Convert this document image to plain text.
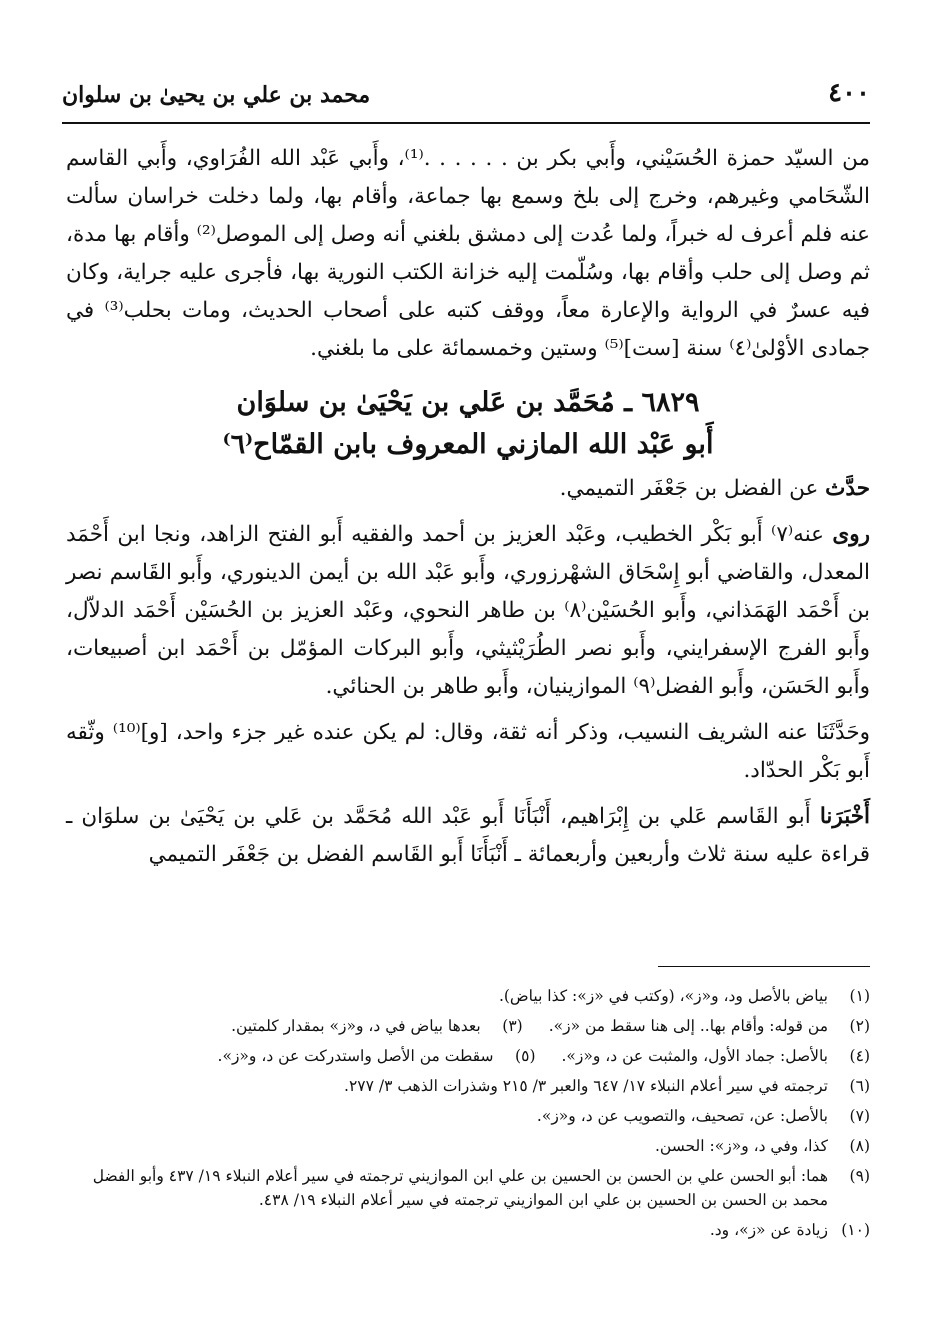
٤٠٠
محمد بن علي بن يحيىٰ بن سلوان

من السيّد حمزة الحُسَيْني، وأَبي بكر بن . . . . . .⁽¹⁾، وأَبي عَبْد الله الفُرَاوي، وأَبي القاسم الشّحَامي وغيرهم، وخرج إلى بلخ وسمع بها جماعة، وأقام بها، ولما دخلت خراسان سألت عنه فلم أعرف له خبراً، ولما عُدت إلى دمشق بلغني أنه وصل إلى الموصل⁽²⁾ وأقام بها مدة، ثم وصل إلى حلب وأقام بها، وسُلّمت إليه خزانة الكتب النورية بها، فأجرى عليه جراية، وكان فيه عسرٌ في الرواية والإعارة معاً، ووقف كتبه على أصحاب الحديث، ومات بحلب⁽³⁾ في جمادى الأوْلىٰ⁽٤⁾ سنة [ست]⁽⁵⁾ وستين وخمسمائة على ما بلغني.

٦٨٢٩ ـ مُحَمَّد بن عَلي بن يَحْيَىٰ بن سلوَان
أَبو عَبْد الله المازني المعروف بابن القمّاح⁽٦⁾

حدَّث عن الفضل بن جَعْفَر التميمي.

روى عنه⁽٧⁾ أَبو بَكْر الخطيب، وعَبْد العزيز بن أحمد والفقيه أَبو الفتح الزاهد، ونجا ابن أَحْمَد المعدل، والقاضي أبو إِسْحَاق الشهْرزوري، وأَبو عَبْد الله بن أيمن الدينوري، وأَبو القَاسم نصر بن أَحْمَد الهَمَذاني، وأَبو الحُسَيْن⁽٨⁾ بن طاهر النحوي، وعَبْد العزيز بن الحُسَيْن أَحْمَد الدلاّل، وأَبو الفرج الإسفرايني، وأَبو نصر الطُرَيْثيثي، وأَبو البركات المؤمّل بن أَحْمَد ابن أصبيعات، وأَبو الحَسَن، وأَبو الفضل⁽٩⁾ الموازينيان، وأَبو طاهر بن الحنائي.

وحَدَّثَنَا عنه الشريف النسيب، وذكر أنه ثقة، وقال: لم يكن عنده غير جزء واحد، [و]⁽¹⁰⁾ وثّقه أَبو بَكْر الحدّاد.

أَخْبَرَنا أَبو القَاسم عَلي بن إِبْرَاهيم، أَنْبَأَنَا أَبو عَبْد الله مُحَمَّد بن عَلي بن يَحْيَىٰ بن سلوَان ـ قراءة عليه سنة ثلاث وأربعين وأربعمائة ـ أَنْبَأَنَا أَبو القَاسم الفضل بن جَعْفَر التميمي

(١)
بياض بالأصل ود، و«ز»، (وكتب في «ز»: كذا بياض).
(٢)
من قوله: وأقام بها.. إلى هنا سقط من «ز».
(٣)
بعدها بياض في د، و«ز» بمقدار كلمتين.
(٤)
بالأصل: جماد الأول، والمثبت عن د، و«ز».
(٥)
سقطت من الأصل واستدركت عن د، و«ز».
(٦)
ترجمته في سير أعلام النبلاء ١٧/ ٦٤٧ والعبر ٣/ ٢١٥ وشذرات الذهب ٣/ ٢٧٧.
(٧)
بالأصل: عن، تصحيف، والتصويب عن د، و«ز».
(٨)
كذا، وفي د، و«ز»: الحسن.
(٩)
هما: أبو الحسن علي بن الحسن بن الحسين بن علي ابن الموازيني ترجمته في سير أعلام النبلاء ١٩/ ٤٣٧ وأبو الفضل محمد بن الحسن بن الحسين بن علي ابن الموازيني ترجمته في سير أعلام النبلاء ١٩/ ٤٣٨.
(١٠)
زيادة عن «ز»، ود.
